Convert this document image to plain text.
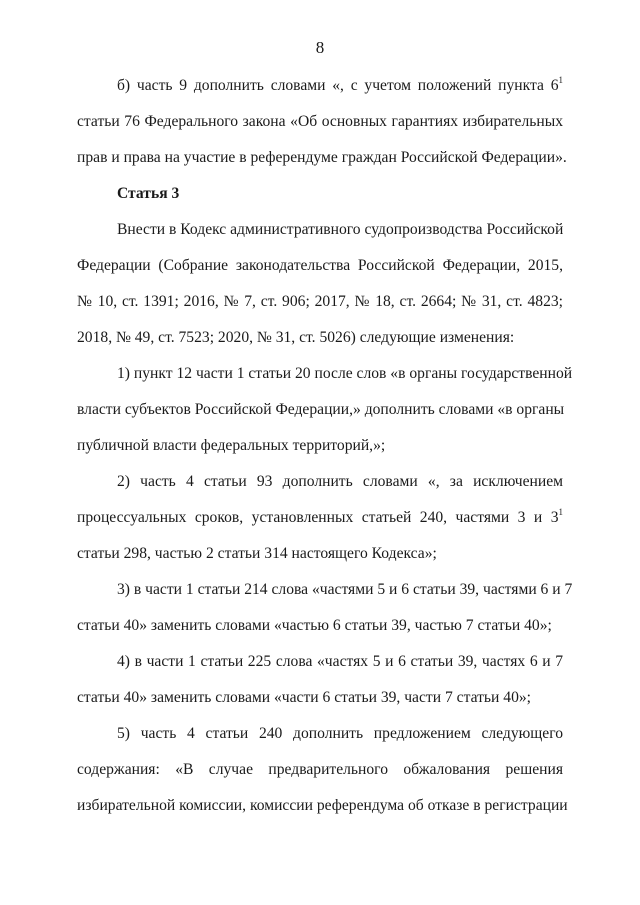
8
б) часть 9 дополнить словами «, с учетом положений пункта $6^1$
статьи 76 Федерального закона «Об основных гарантиях избирательных
прав и права на участие в референдуме граждан Российской Федерации».
Статья 3
Внести в Кодекс административного судопроизводства Российской
Федерации (Собрание законодательства Российской Федерации, 2015,
№ 10, ст. 1391; 2016, № 7, ст. 906; 2017, № 18, ст. 2664; № 31, ст. 4823;
2018, № 49, ст. 7523; 2020, № 31, ст. 5026) следующие изменения:
1) пункт 12 части 1 статьи 20 после слов «в органы государственной
власти субъектов Российской Федерации,» дополнить словами «в органы
публичной власти федеральных территорий,»;
2) часть 4 статьи 93 дополнить словами «, за исключением
процессуальных сроков, установленных статьей 240, частями 3 и $3^1$
статьи 298, частью 2 статьи 314 настоящего Кодекса»;
3) в части 1 статьи 214 слова «частями 5 и 6 статьи 39, частями 6 и 7
статьи 40» заменить словами «частью 6 статьи 39, частью 7 статьи 40»;
4) в части 1 статьи 225 слова «частях 5 и 6 статьи 39, частях 6 и 7
статьи 40» заменить словами «части 6 статьи 39, части 7 статьи 40»;
5) часть 4 статьи 240 дополнить предложением следующего
содержания: «В случае предварительного обжалования решения
избирательной комиссии, комиссии референдума об отказе в регистрации
